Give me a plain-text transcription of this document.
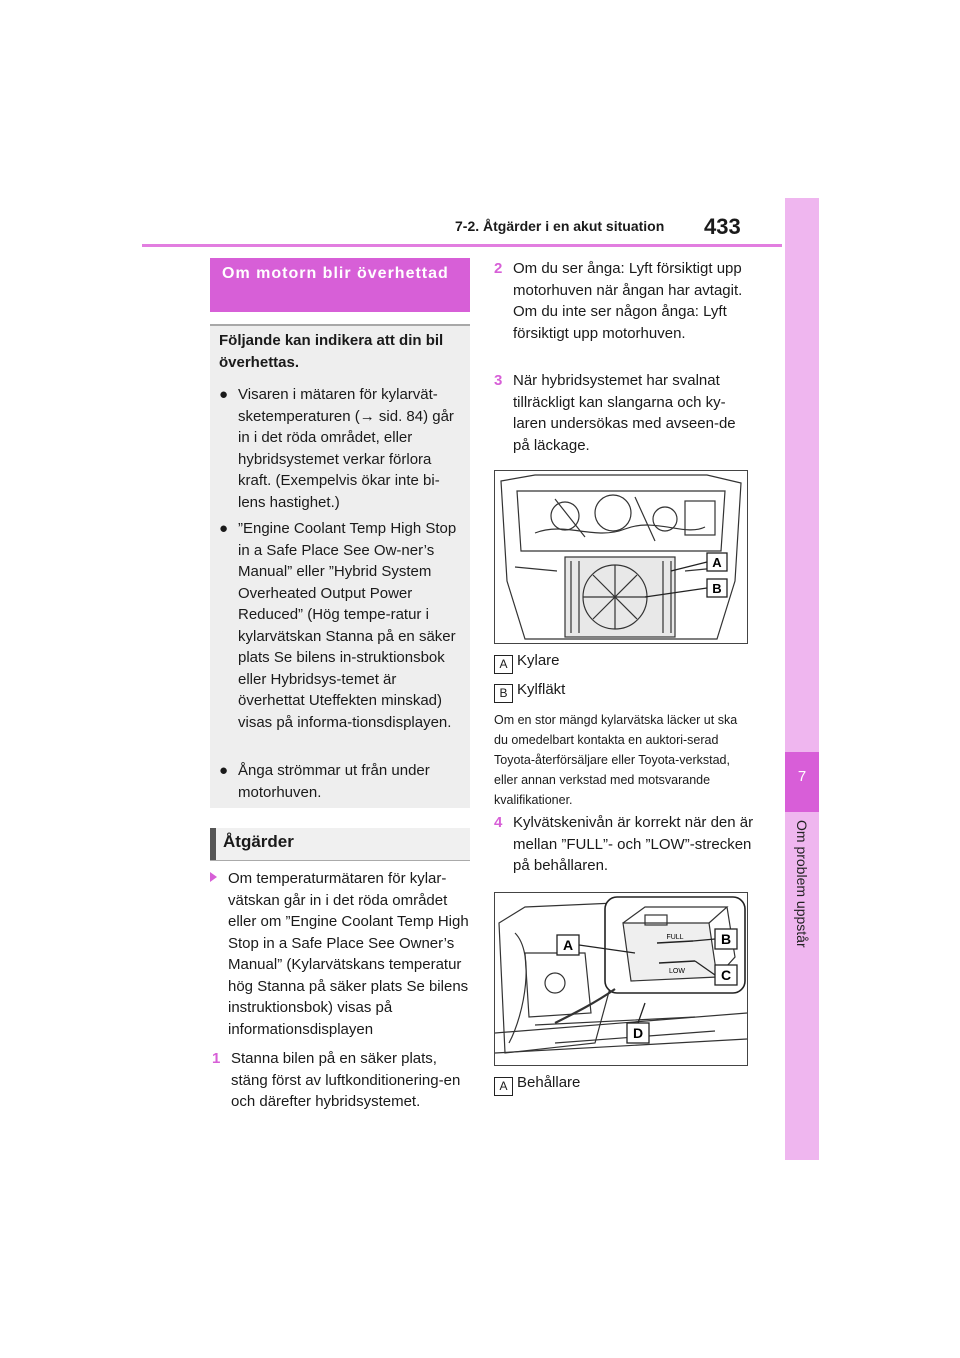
7-2. Åtgärder i en akut situation 433
7
Om problem uppstår
Om motorn blir överhettad
Följande kan indikera att din bil överhettas.
● Visaren i mätaren för kylarvät-sketemperaturen (→ sid. 84) går in i det röda området, eller hybridsystemet verkar förlora kraft. (Exempelvis ökar inte bi-lens hastighet.)
● ”Engine Coolant Temp High Stop in a Safe Place See Ow-ner’s Manual” eller ”Hybrid System Overheated Output Power Reduced” (Hög tempe-ratur i kylarvätskan Stanna på en säker plats Se bilens in-struktionsbok eller Hybridsys-temet är överhettat Uteffekten minskad) visas på informa-tionsdisplayen.
● Ånga strömmar ut från under motorhuven.
Åtgärder
Om temperaturmätaren för kylar-vätskan går in i det röda området eller om ”Engine Coolant Temp High Stop in a Safe Place See Owner’s Manual” (Kylarvätskans temperatur hög Stanna på säker plats Se bilens instruktionsbok) visas på informationsdisplayen
1 Stanna bilen på en säker plats, stäng först av luftkonditionering-en och därefter hybridsystemet.
2 Om du ser ånga: Lyft försiktigt upp motorhuven när ångan har avtagit. Om du inte ser någon ånga: Lyft försiktigt upp motorhuven.
3 När hybridsystemet har svalnat tillräckligt kan slangarna och ky-laren undersökas med avseen-de på läckage.
A
B
A Kylare
B Kylfläkt
Om en stor mängd kylarvätska läcker ut ska du omedelbart kontakta en auktori-serad Toyota-återförsäljare eller Toyota-verkstad, eller annan verkstad med motsvarande kvalifikationer.
4 Kylvätskenivån är korrekt när den är mellan ”FULL”- och ”LOW”-strecken på behållaren.
FULL
LOW
A	B
C
D
A Behållare
